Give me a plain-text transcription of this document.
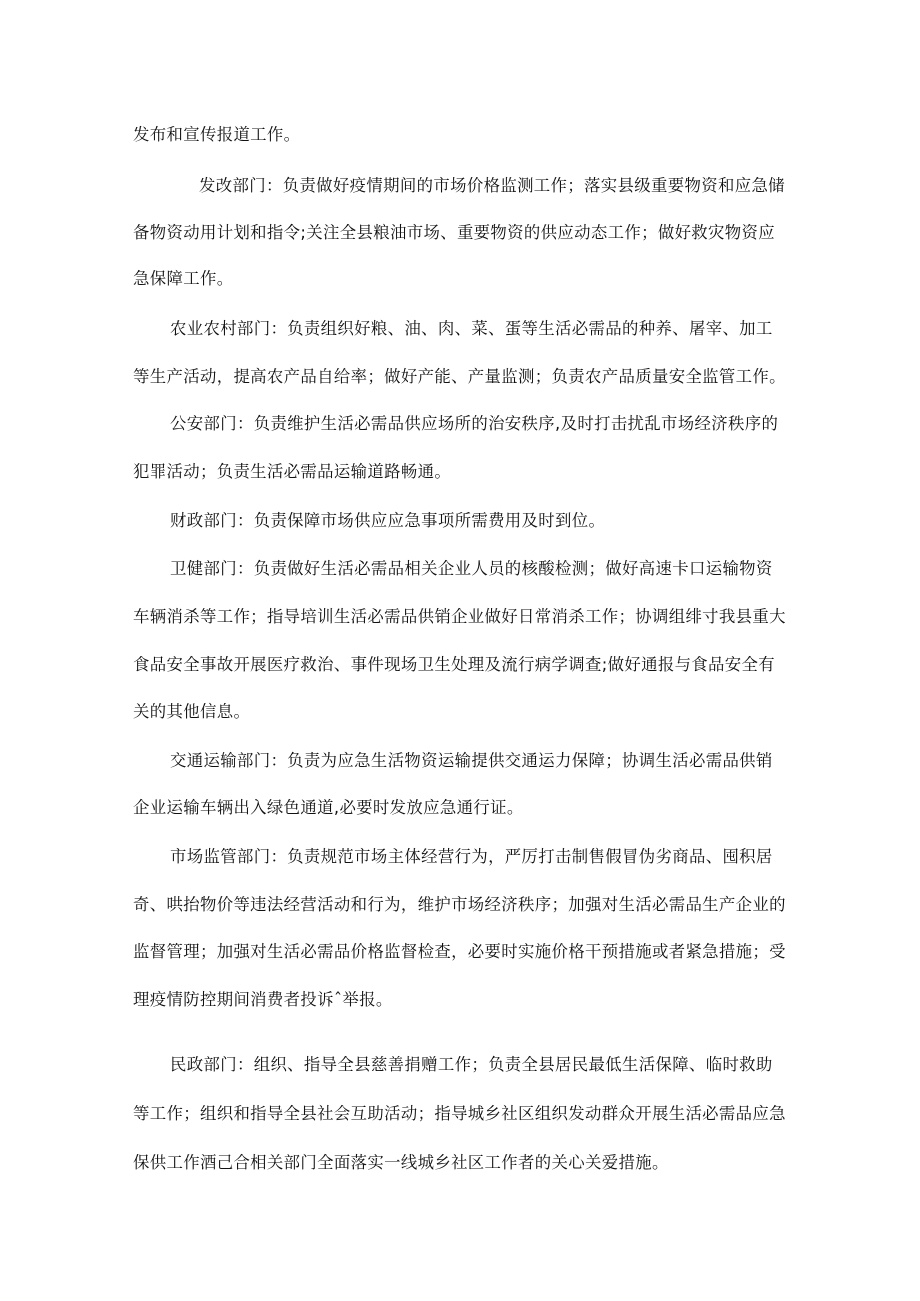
发布和宣传报道工作。
发改部门：负责做好疫情期间的市场价格监测工作；落实县级重要物资和应急储
备物资动用计划和指令;关注全县粮油市场、重要物资的供应动态工作；做好救灾物资应
急保障工作。
农业农村部门：负责组织好粮、油、肉、菜、蛋等生活必需品的种养、屠宰、加工
等生产活动，提高农产品自给率；做好产能、产量监测；负责农产品质量安全监管工作。
公安部门：负责维护生活必需品供应场所的治安秩序,及时打击扰乱市场经济秩序的
犯罪活动；负责生活必需品运输道路畅通。
财政部门：负责保障市场供应应急事项所需费用及时到位。
卫健部门：负责做好生活必需品相关企业人员的核酸检测；做好高速卡口运输物资
车辆消杀等工作；指导培训生活必需品供销企业做好日常消杀工作；协调组绯寸我县重大
食品安全事故开展医疗救治、事件现场卫生处理及流行病学调查;做好通报与食品安全有
关的其他信息。
交通运输部门：负责为应急生活物资运输提供交通运力保障；协调生活必需品供销
企业运输车辆出入绿色通道,必要时发放应急通行证。
市场监管部门：负责规范市场主体经营行为，严厉打击制售假冒伪劣商品、囤积居
奇、哄抬物价等违法经营活动和行为，维护市场经济秩序；加强对生活必需品生产企业的
监督管理；加强对生活必需品价格监督检查，必要时实施价格干预措施或者紧急措施；受
理疫情防控期间消费者投诉ˆ举报。
民政部门：组织、指导全县慈善捐赠工作；负责全县居民最低生活保障、临时救助
等工作；组织和指导全县社会互助活动；指导城乡社区组织发动群众开展生活必需品应急
保供工作酒己合相关部门全面落实一线城乡社区工作者的关心关爱措施。
